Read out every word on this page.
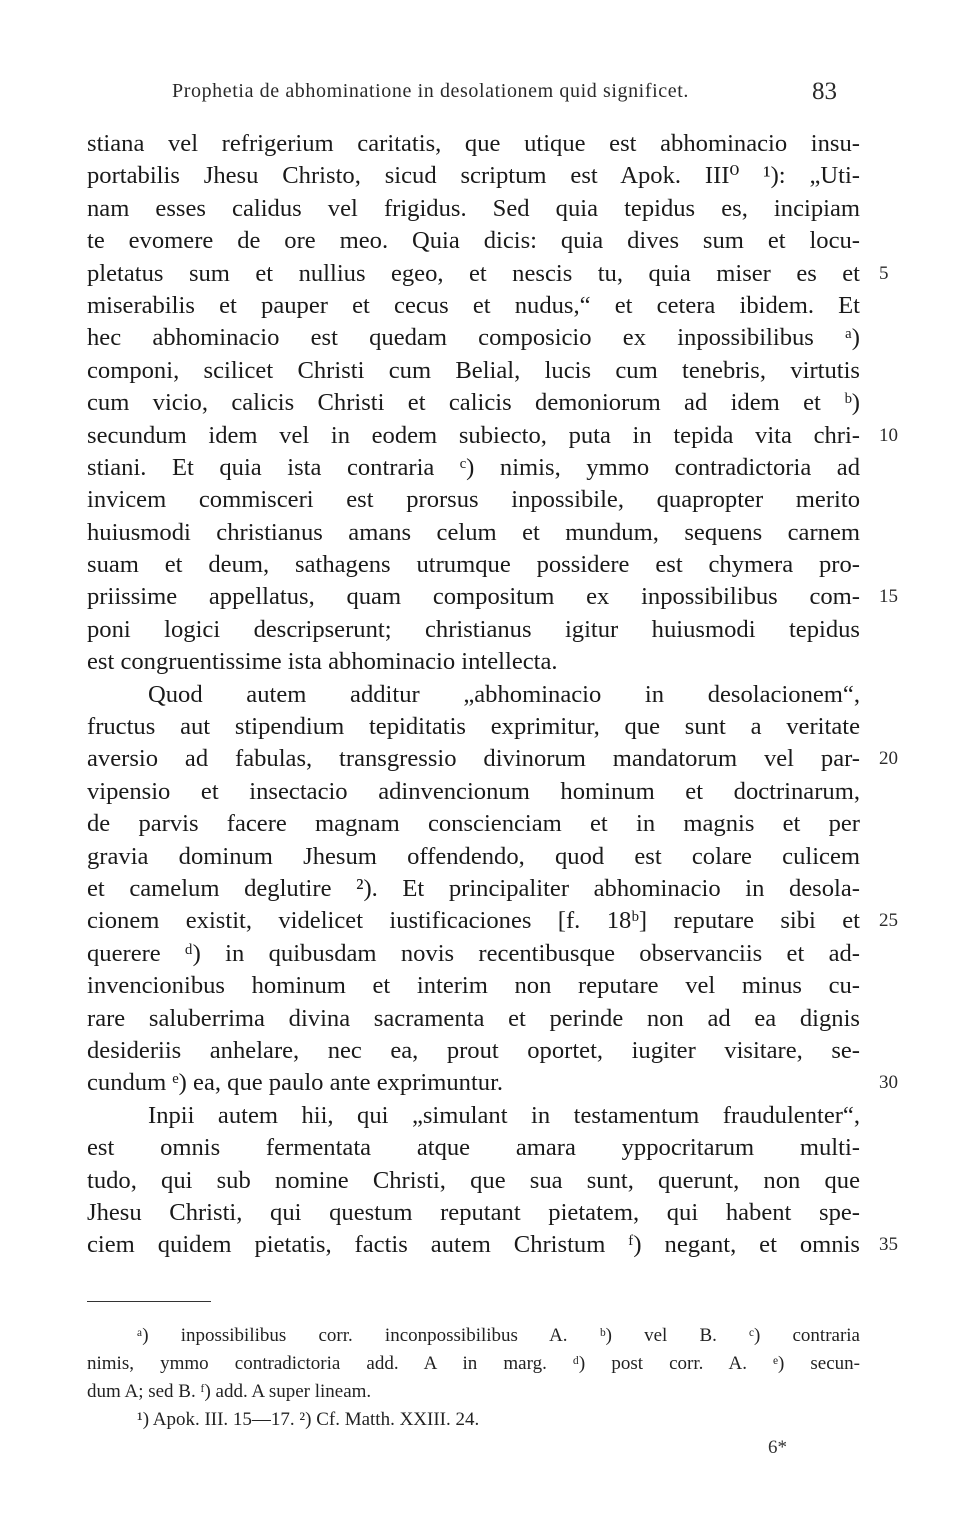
Prophetia de abhominatione in desolationem quid significet.	83
stiana vel refrigerium caritatis, que utique est abhominacio insu-
portabilis Jhesu Christo, sicud scriptum est Apok. III⁰ ¹): „Uti-
nam esses calidus vel frigidus. Sed quia tepidus es, incipiam
te evomere de ore meo. Quia dicis: quia dives sum et locu-
pletatus sum et nullius egeo, et nescis tu, quia miser es et 5
miserabilis et pauper et cecus et nudus,“ et cetera ibidem. Et
hec abhominacio est quedam composicio ex inpossibilibus ᵃ)
componi, scilicet Christi cum Belial, lucis cum tenebris, virtutis
cum vicio, calicis Christi et calicis demoniorum ad idem et ᵇ)
secundum idem vel in eodem subiecto, puta in tepida vita chri- 10
stiani. Et quia ista contraria ᶜ) nimis, ymmo contradictoria ad
invicem commisceri est prorsus inpossibile, quapropter merito
huiusmodi christianus amans celum et mundum, sequens carnem
suam et deum, sathagens utrumque possidere est chymera pro-
priissime appellatus, quam compositum ex inpossibilibus com- 15
poni logici descripserunt; christianus igitur huiusmodi tepidus
est congruentissime ista abhominacio intellecta.
Quod autem additur „abhominacio in desolacionem“,
fructus aut stipendium tepiditatis exprimitur, que sunt a veritate
aversio ad fabulas, transgressio divinorum mandatorum vel par- 20
vipensio et insectacio adinvencionum hominum et doctrinarum,
de parvis facere magnam conscienciam et in magnis et per
gravia dominum Jhesum offendendo, quod est colare culicem
et camelum deglutire ²). Et principaliter abhominacio in desola-
cionem existit, videlicet iustificaciones [f. 18ᵇ] reputare sibi et 25
querere ᵈ) in quibusdam novis recentibusque observanciis et ad-
invencionibus hominum et interim non reputare vel minus cu-
rare saluberrima divina sacramenta et perinde non ad ea dignis
desideriis anhelare, nec ea, prout oportet, iugiter visitare, se-
cundum ᵉ) ea, que paulo ante exprimuntur.	30
Inpii autem hii, qui „simulant in testamentum fraudulenter“,
est omnis fermentata atque amara yppocritarum multi-
tudo, qui sub nomine Christi, que sua sunt, querunt, non que
Jhesu Christi, qui questum reputant pietatem, qui habent spe-
ciem quidem pietatis, factis autem Christum ᶠ) negant, et omnis 35
ᵃ) inpossibilibus corr. inconpossibilibus A. ᵇ) vel B. ᶜ) contraria
nimis, ymmo contradictoria add. A in marg. ᵈ) post corr. A. ᵉ) secun-
dum A; sed B. ᶠ) add. A super lineam.
¹) Apok. III. 15—17. ²) Cf. Matth. XXIII. 24.
6*
